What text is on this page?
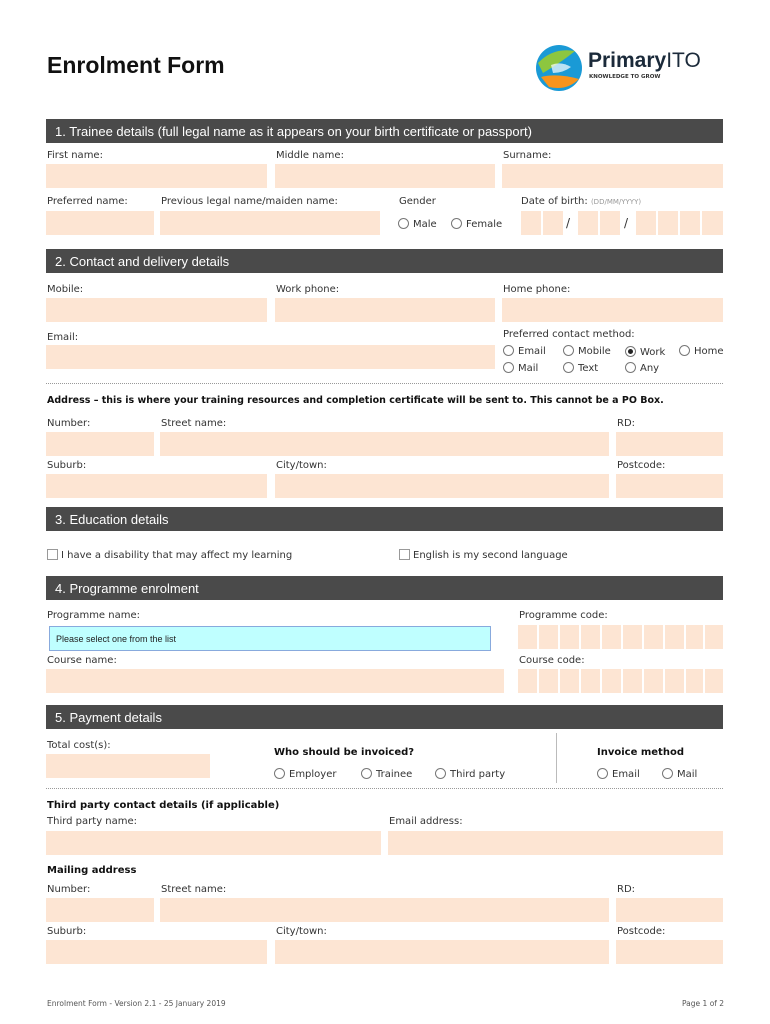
Enrolment Form	PrimaryITO
KNOWLEDGE TO GROW
1. Trainee details (full legal name as it appears on your birth certificate or passport)
First name:	Middle name:	Surname:
Preferred name:	Previous legal name/maiden name:	Gender	Date of birth: (DD/MM/YYYY)
Male	Female	/	/
2. Contact and delivery details
Mobile:	Work phone:	Home phone:
Email:	Preferred contact method:
Email	Mobile	Work	Home
Mail	Text	Any
Address – this is where your training resources and completion certificate will be sent to. This cannot be a PO Box.
Number:	Street name:	RD:
Suburb:	City/town:	Postcode:
3. Education details
I have a disability that may affect my learning	English is my second language
4. Programme enrolment
Programme name:	Programme code:
Please select one from the list
Course name:	Course code:
5. Payment details
Total cost(s):
Who should be invoiced?
Employer	Trainee	Third party
Invoice method
Email	Mail
Third party contact details (if applicable)
Third party name:	Email address:
Mailing address
Number:	Street name:	RD:
Suburb:	City/town:	Postcode:
Enrolment Form - Version 2.1 - 25 January 2019	Page 1 of 2
